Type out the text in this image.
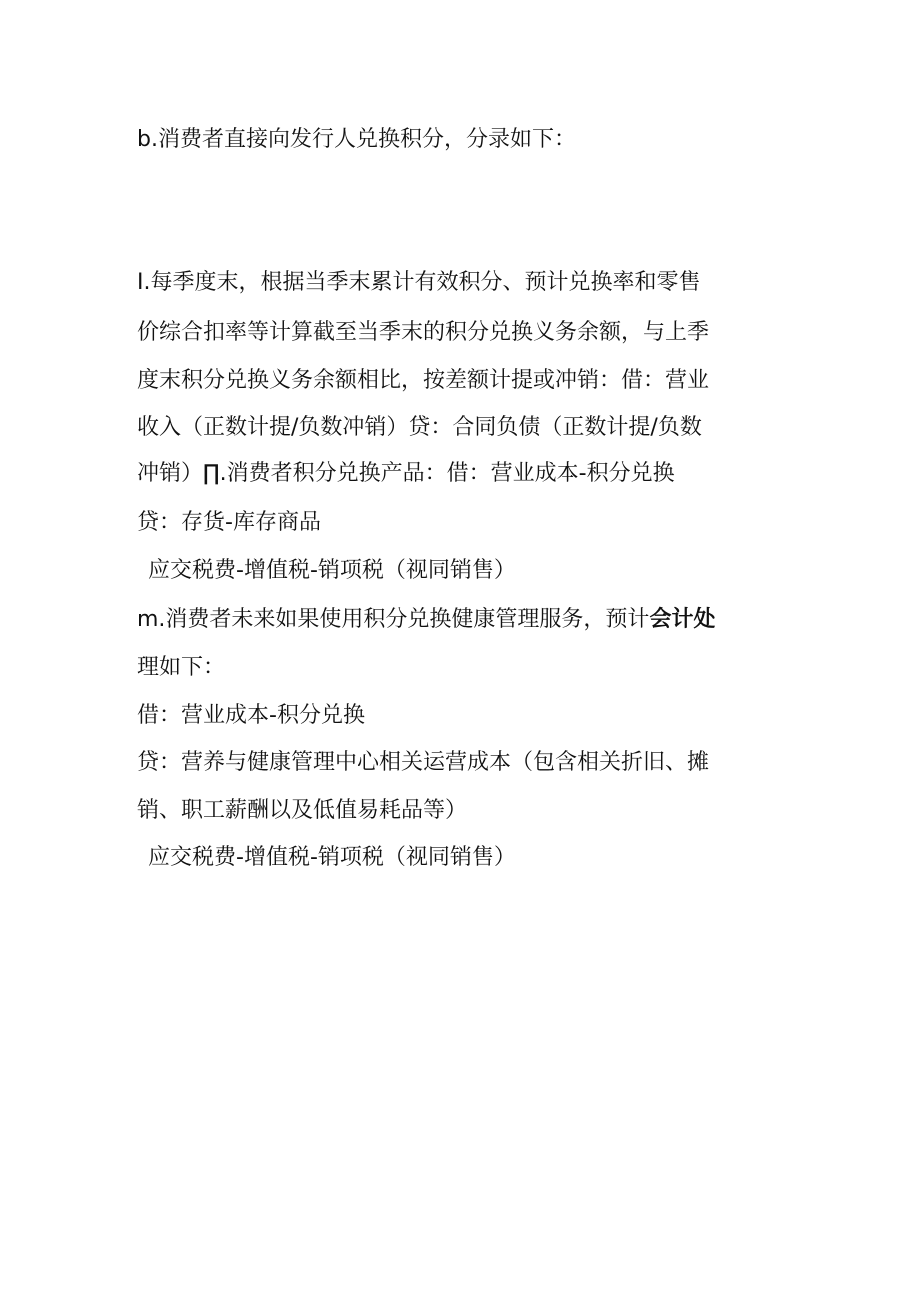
b.消费者直接向发行人兑换积分，分录如下：

I.每季度末，根据当季末累计有效积分、预计兑换率和零售

价综合扣率等计算截至当季末的积分兑换义务余额，与上季

度末积分兑换义务余额相比，按差额计提或冲销：借：营业

收入（正数计提/负数冲销）贷：合同负债（正数计提/负数

冲销）∏.消费者积分兑换产品：借：营业成本-积分兑换

贷：存货-库存商品

应交税费-增值税-销项税（视同销售）

m.消费者未来如果使用积分兑换健康管理服务，预计会计处

理如下：

借：营业成本-积分兑换

贷：营养与健康管理中心相关运营成本（包含相关折旧、摊

销、职工薪酬以及低值易耗品等）

应交税费-增值税-销项税（视同销售）
